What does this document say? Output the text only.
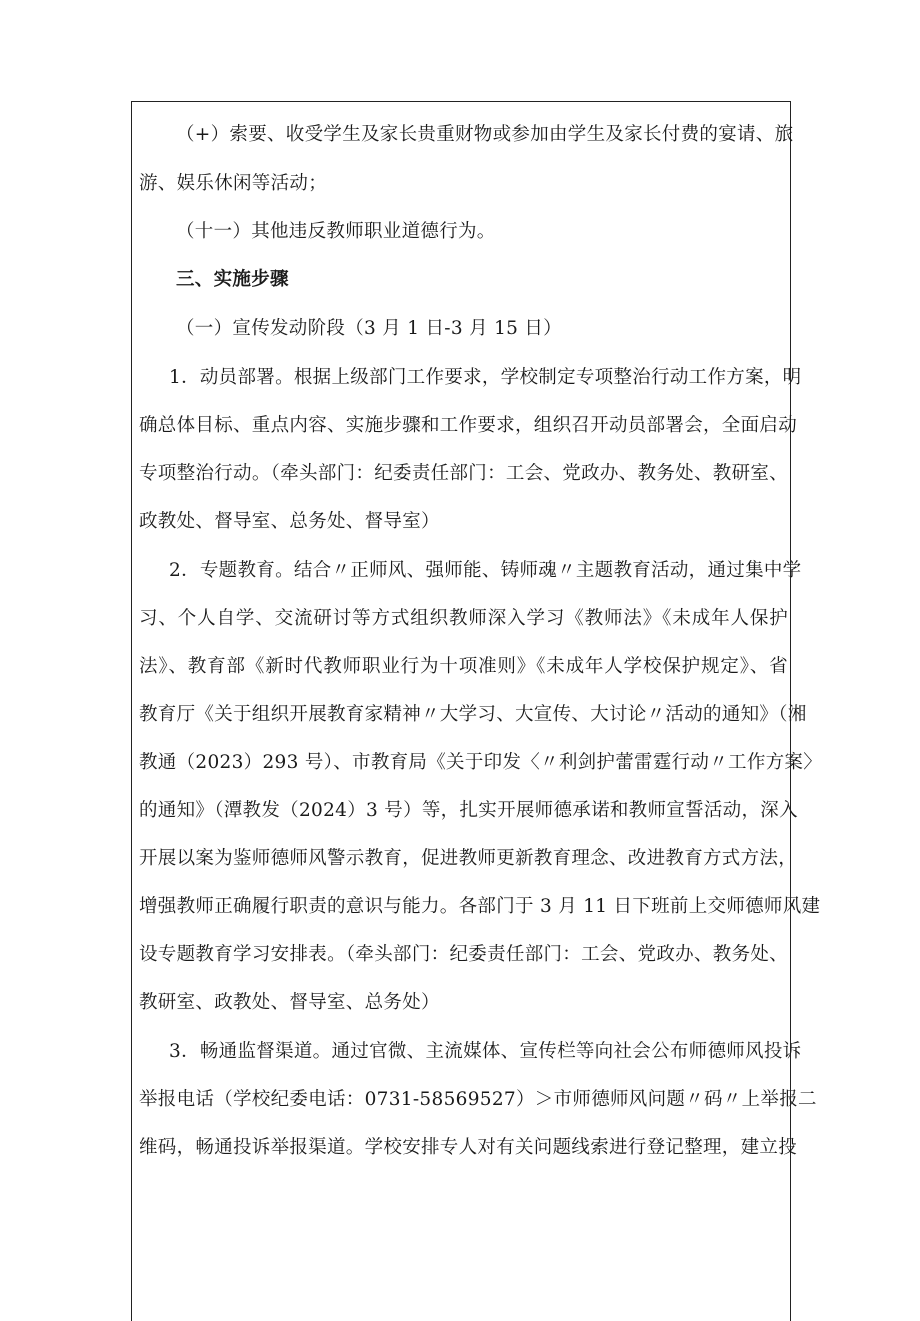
（+）索要、收受学生及家长贵重财物或参加由学生及家长付费的宴请、旅
游、娱乐休闲等活动；
（十一）其他违反教师职业道德行为。
三、实施步骤
（一）宣传发动阶段（3 月 1 日-3 月 15 日）
1．动员部署。根据上级部门工作要求，学校制定专项整治行动工作方案，明
确总体目标、重点内容、实施步骤和工作要求，组织召开动员部署会，全面启动
专项整治行动。（牵头部门：纪委责任部门：工会、党政办、教务处、教研室、
政教处、督导室、总务处、督导室）
2．专题教育。结合〃正师风、强师能、铸师魂〃主题教育活动，通过集中学
习、个人自学、交流研讨等方式组织教师深入学习《教师法》《未成年人保护
法》、教育部《新时代教师职业行为十项准则》《未成年人学校保护规定》、省
教育厅《关于组织开展教育家精神〃大学习、大宣传、大讨论〃活动的通知》（湘
教通（2023）293 号）、市教育局《关于印发〈〃利剑护蕾雷霆行动〃工作方案〉
的通知》（潭教发（2024）3 号）等，扎实开展师德承诺和教师宣誓活动，深入
开展以案为鉴师德师风警示教育，促进教师更新教育理念、改进教育方式方法，
增强教师正确履行职责的意识与能力。各部门于 3 月 11 日下班前上交师德师风建
设专题教育学习安排表。（牵头部门：纪委责任部门：工会、党政办、教务处、
教研室、政教处、督导室、总务处）
3．畅通监督渠道。通过官微、主流媒体、宣传栏等向社会公布师德师风投诉
举报电话（学校纪委电话：0731-58569527）＞市师德师风问题〃码〃上举报二
维码，畅通投诉举报渠道。学校安排专人对有关问题线索进行登记整理，建立投
